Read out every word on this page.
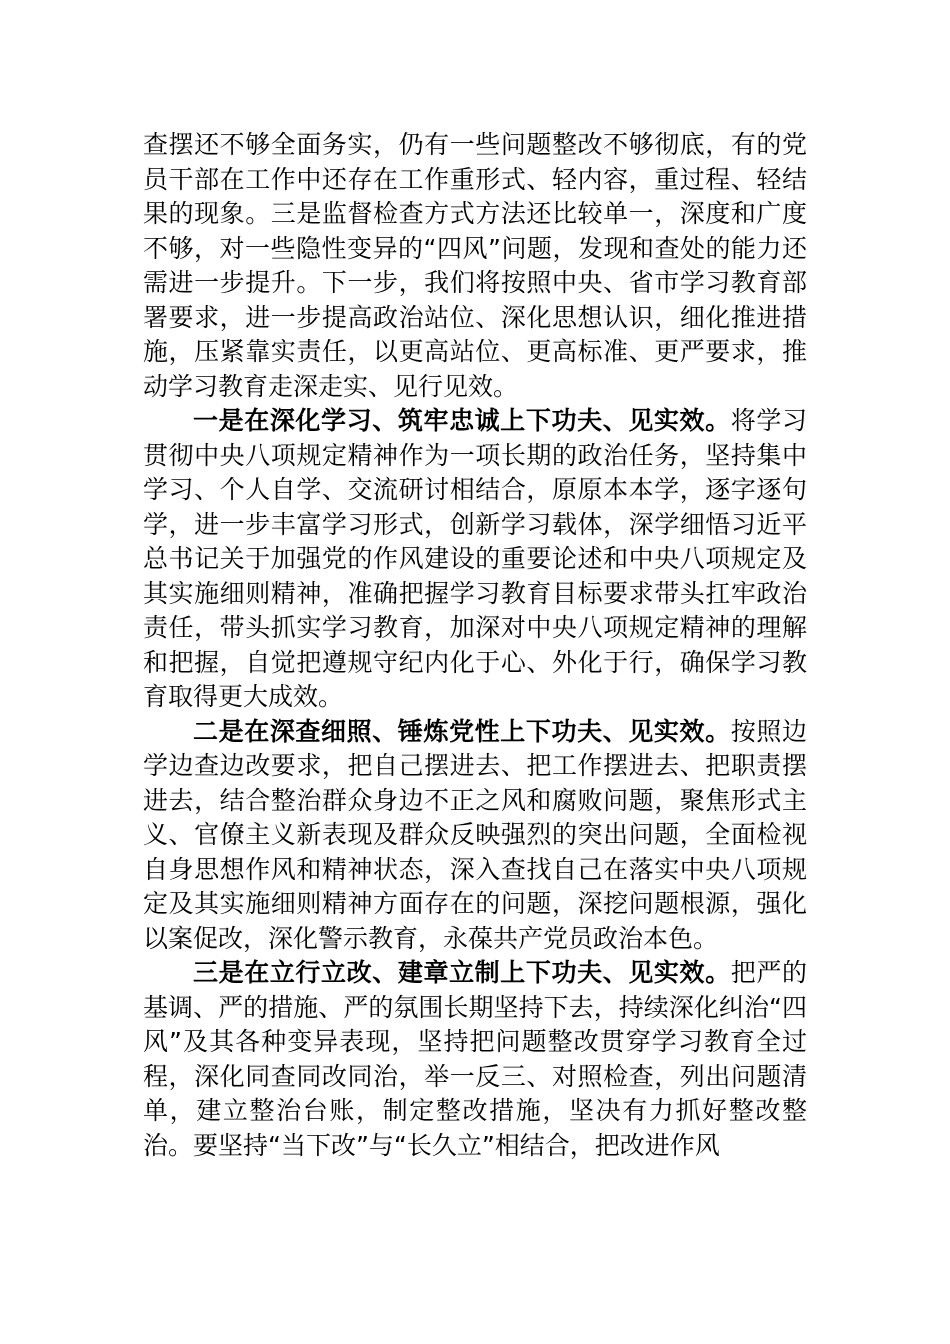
查摆还不够全面务实，仍有一些问题整改不够彻底，有的党员干部在工作中还存在工作重形式、轻内容，重过程、轻结果的现象。三是监督检查方式方法还比较单一，深度和广度不够，对一些隐性变异的“四风”问题，发现和查处的能力还需进一步提升。下一步，我们将按照中央、省市学习教育部署要求，进一步提高政治站位、深化思想认识，细化推进措施，压紧靠实责任，以更高站位、更高标准、更严要求，推动学习教育走深走实、见行见效。

一是在深化学习、筑牢忠诚上下功夫、见实效。将学习贯彻中央八项规定精神作为一项长期的政治任务，坚持集中学习、个人自学、交流研讨相结合，原原本本学，逐字逐句学，进一步丰富学习形式，创新学习载体，深学细悟习近平总书记关于加强党的作风建设的重要论述和中央八项规定及其实施细则精神，准确把握学习教育目标要求带头扛牢政治责任，带头抓实学习教育，加深对中央八项规定精神的理解和把握，自觉把遵规守纪内化于心、外化于行，确保学习教育取得更大成效。

二是在深查细照、锤炼党性上下功夫、见实效。按照边学边查边改要求，把自己摆进去、把工作摆进去、把职责摆进去，结合整治群众身边不正之风和腐败问题，聚焦形式主义、官僚主义新表现及群众反映强烈的突出问题，全面检视自身思想作风和精神状态，深入查找自己在落实中央八项规定及其实施细则精神方面存在的问题，深挖问题根源，强化以案促改，深化警示教育，永葆共产党员政治本色。

三是在立行立改、建章立制上下功夫、见实效。把严的基调、严的措施、严的氛围长期坚持下去，持续深化纠治“四风”及其各种变异表现，坚持把问题整改贯穿学习教育全过程，深化同查同改同治，举一反三、对照检查，列出问题清单，建立整治台账，制定整改措施，坚决有力抓好整改整治。要坚持“当下改”与“长久立”相结合，把改进作风
